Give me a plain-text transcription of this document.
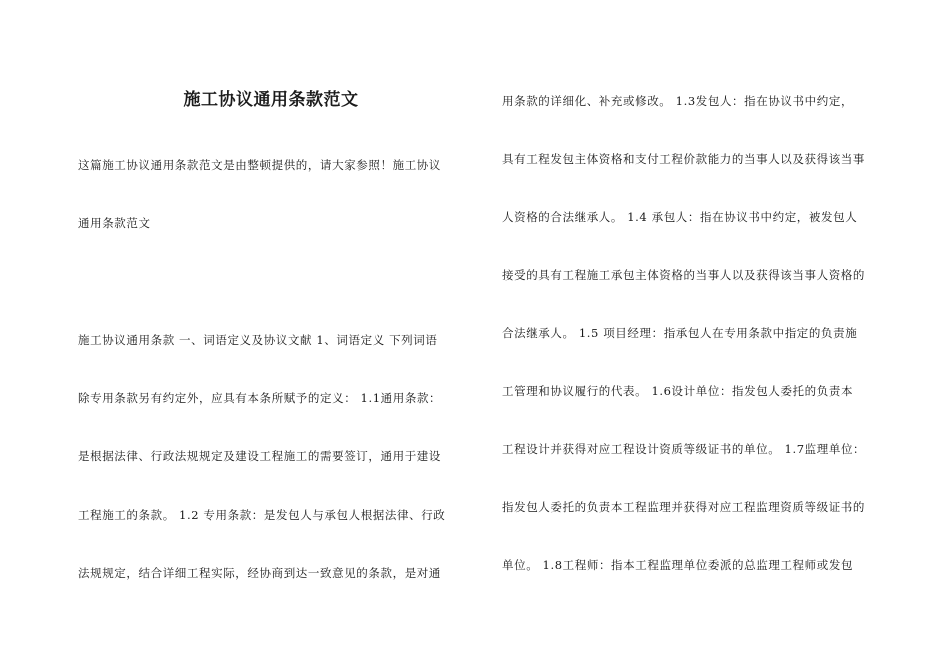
施工协议通用条款范文
这篇施工协议通用条款范文是由整顿提供的，请大家参照！施工协议
通用条款范文
施工协议通用条款 一、词语定义及协议文献 1、词语定义 下列词语
除专用条款另有约定外，应具有本条所赋予的定义： 1.1通用条款：
是根据法律、行政法规规定及建设工程施工的需要签订，通用于建设
工程施工的条款。 1.2 专用条款：是发包人与承包人根据法律、行政
法规规定，结合详细工程实际，经协商到达一致意见的条款，是对通
用条款的详细化、补充或修改。 1.3发包人：指在协议书中约定，
具有工程发包主体资格和支付工程价款能力的当事人以及获得该当事
人资格的合法继承人。 1.4 承包人：指在协议书中约定，被发包人
接受的具有工程施工承包主体资格的当事人以及获得该当事人资格的
合法继承人。 1.5 项目经理：指承包人在专用条款中指定的负责施
工管理和协议履行的代表。 1.6设计单位：指发包人委托的负责本
工程设计并获得对应工程设计资质等级证书的单位。 1.7监理单位：
指发包人委托的负责本工程监理并获得对应工程监理资质等级证书的
单位。 1.8工程师：指本工程监理单位委派的总监理工程师或发包
